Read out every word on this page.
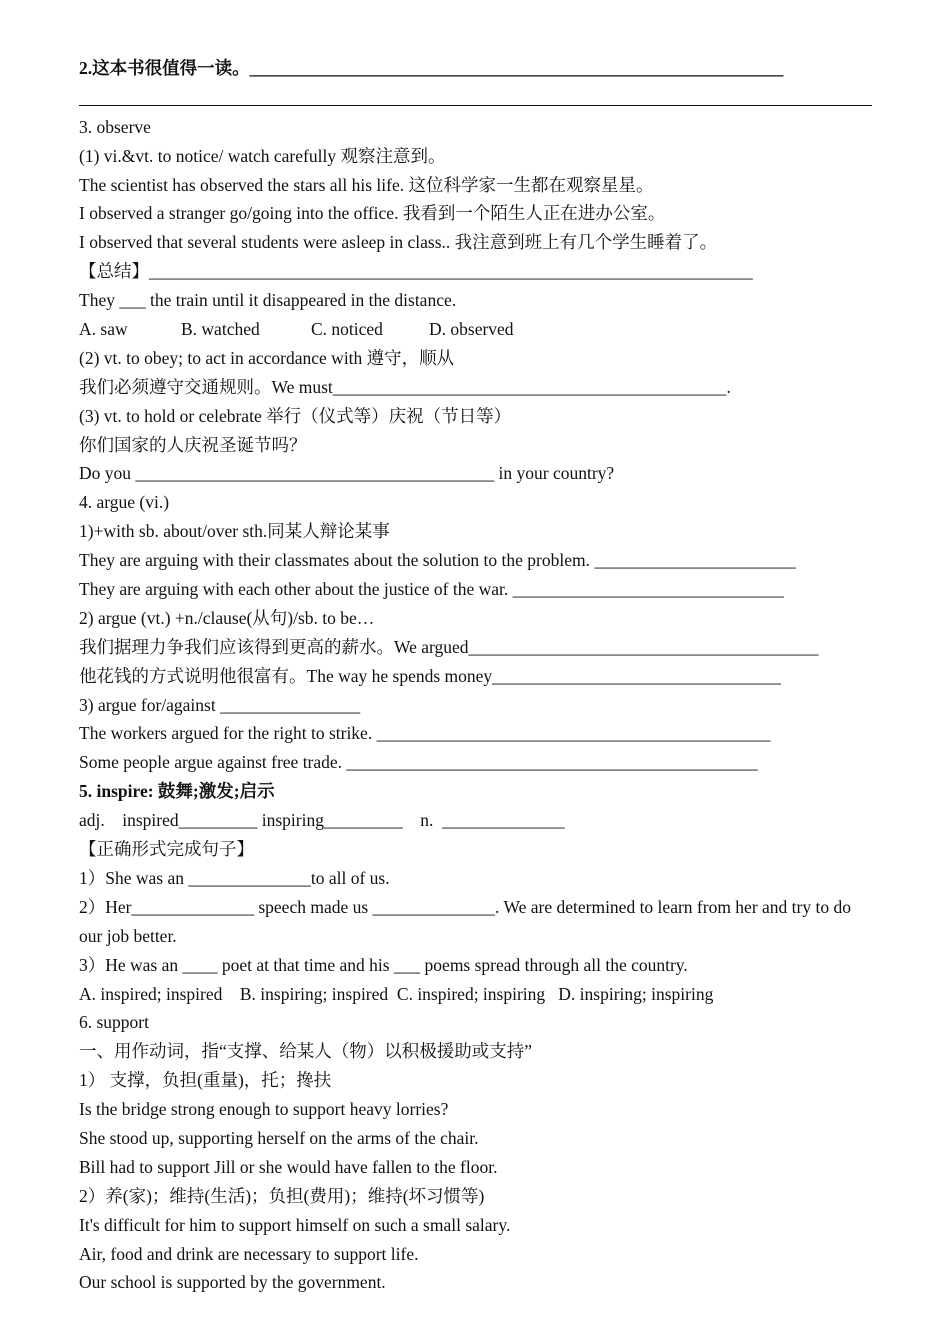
2.这本书很值得一读。_____________________________________________________________
3. observe
(1) vi.&vt. to notice/ watch carefully 观察注意到。
The scientist has observed the stars all his life. 这位科学家一生都在观察星星。
I observed a stranger go/going into the office. 我看到一个陌生人正在进办公室。
I observed that several students were asleep in class.. 我注意到班上有几个学生睡着了。
【总结】_____________________________________________________________________
They ___ the train until it disappeared in the distance.
A. saw	B. watched	C. noticed	D. observed
(2) vt. to obey; to act in accordance with 遵守，顺从
我们必须遵守交通规则。We must_____________________________________________.
(3) vt. to hold or celebrate 举行（仪式等）庆祝（节日等）
你们国家的人庆祝圣诞节吗？
Do you _________________________________________ in your country?
4. argue (vi.)
1)+with sb. about/over sth.同某人辩论某事
They are arguing with their classmates about the solution to the problem. _______________________
They are arguing with each other about the justice of the war. _______________________________
2) argue (vt.) +n./clause(从句)/sb. to be…
我们据理力争我们应该得到更高的薪水。We argued________________________________________
他花钱的方式说明他很富有。The way he spends money_________________________________
3) argue for/against ________________
The workers argued for the right to strike. _____________________________________________
Some people argue against free trade. _______________________________________________
5. inspire: 鼓舞;激发;启示
adj.    inspired_________ inspiring_________    n.  ______________
【正确形式完成句子】
1）She was an ______________to all of us.
2）Her______________ speech made us ______________. We are determined to learn from her and try to do our job better.
3）He was an ____ poet at that time and his ___ poems spread through all the country.
A. inspired; inspired    B. inspiring; inspired  C. inspired; inspiring   D. inspiring; inspiring
6. support
一、用作动词，指“支撑、给某人（物）以积极援助或支持”
1） 支撑，负担(重量)，托；搀扶
Is the bridge strong enough to support heavy lorries?
She stood up, supporting herself on the arms of the chair.
Bill had to support Jill or she would have fallen to the floor.
2）养(家)；维持(生活)；负担(费用)；维持(坏习惯等)
It's difficult for him to support himself on such a small salary.
Air, food and drink are necessary to support life.
Our school is supported by the government.
